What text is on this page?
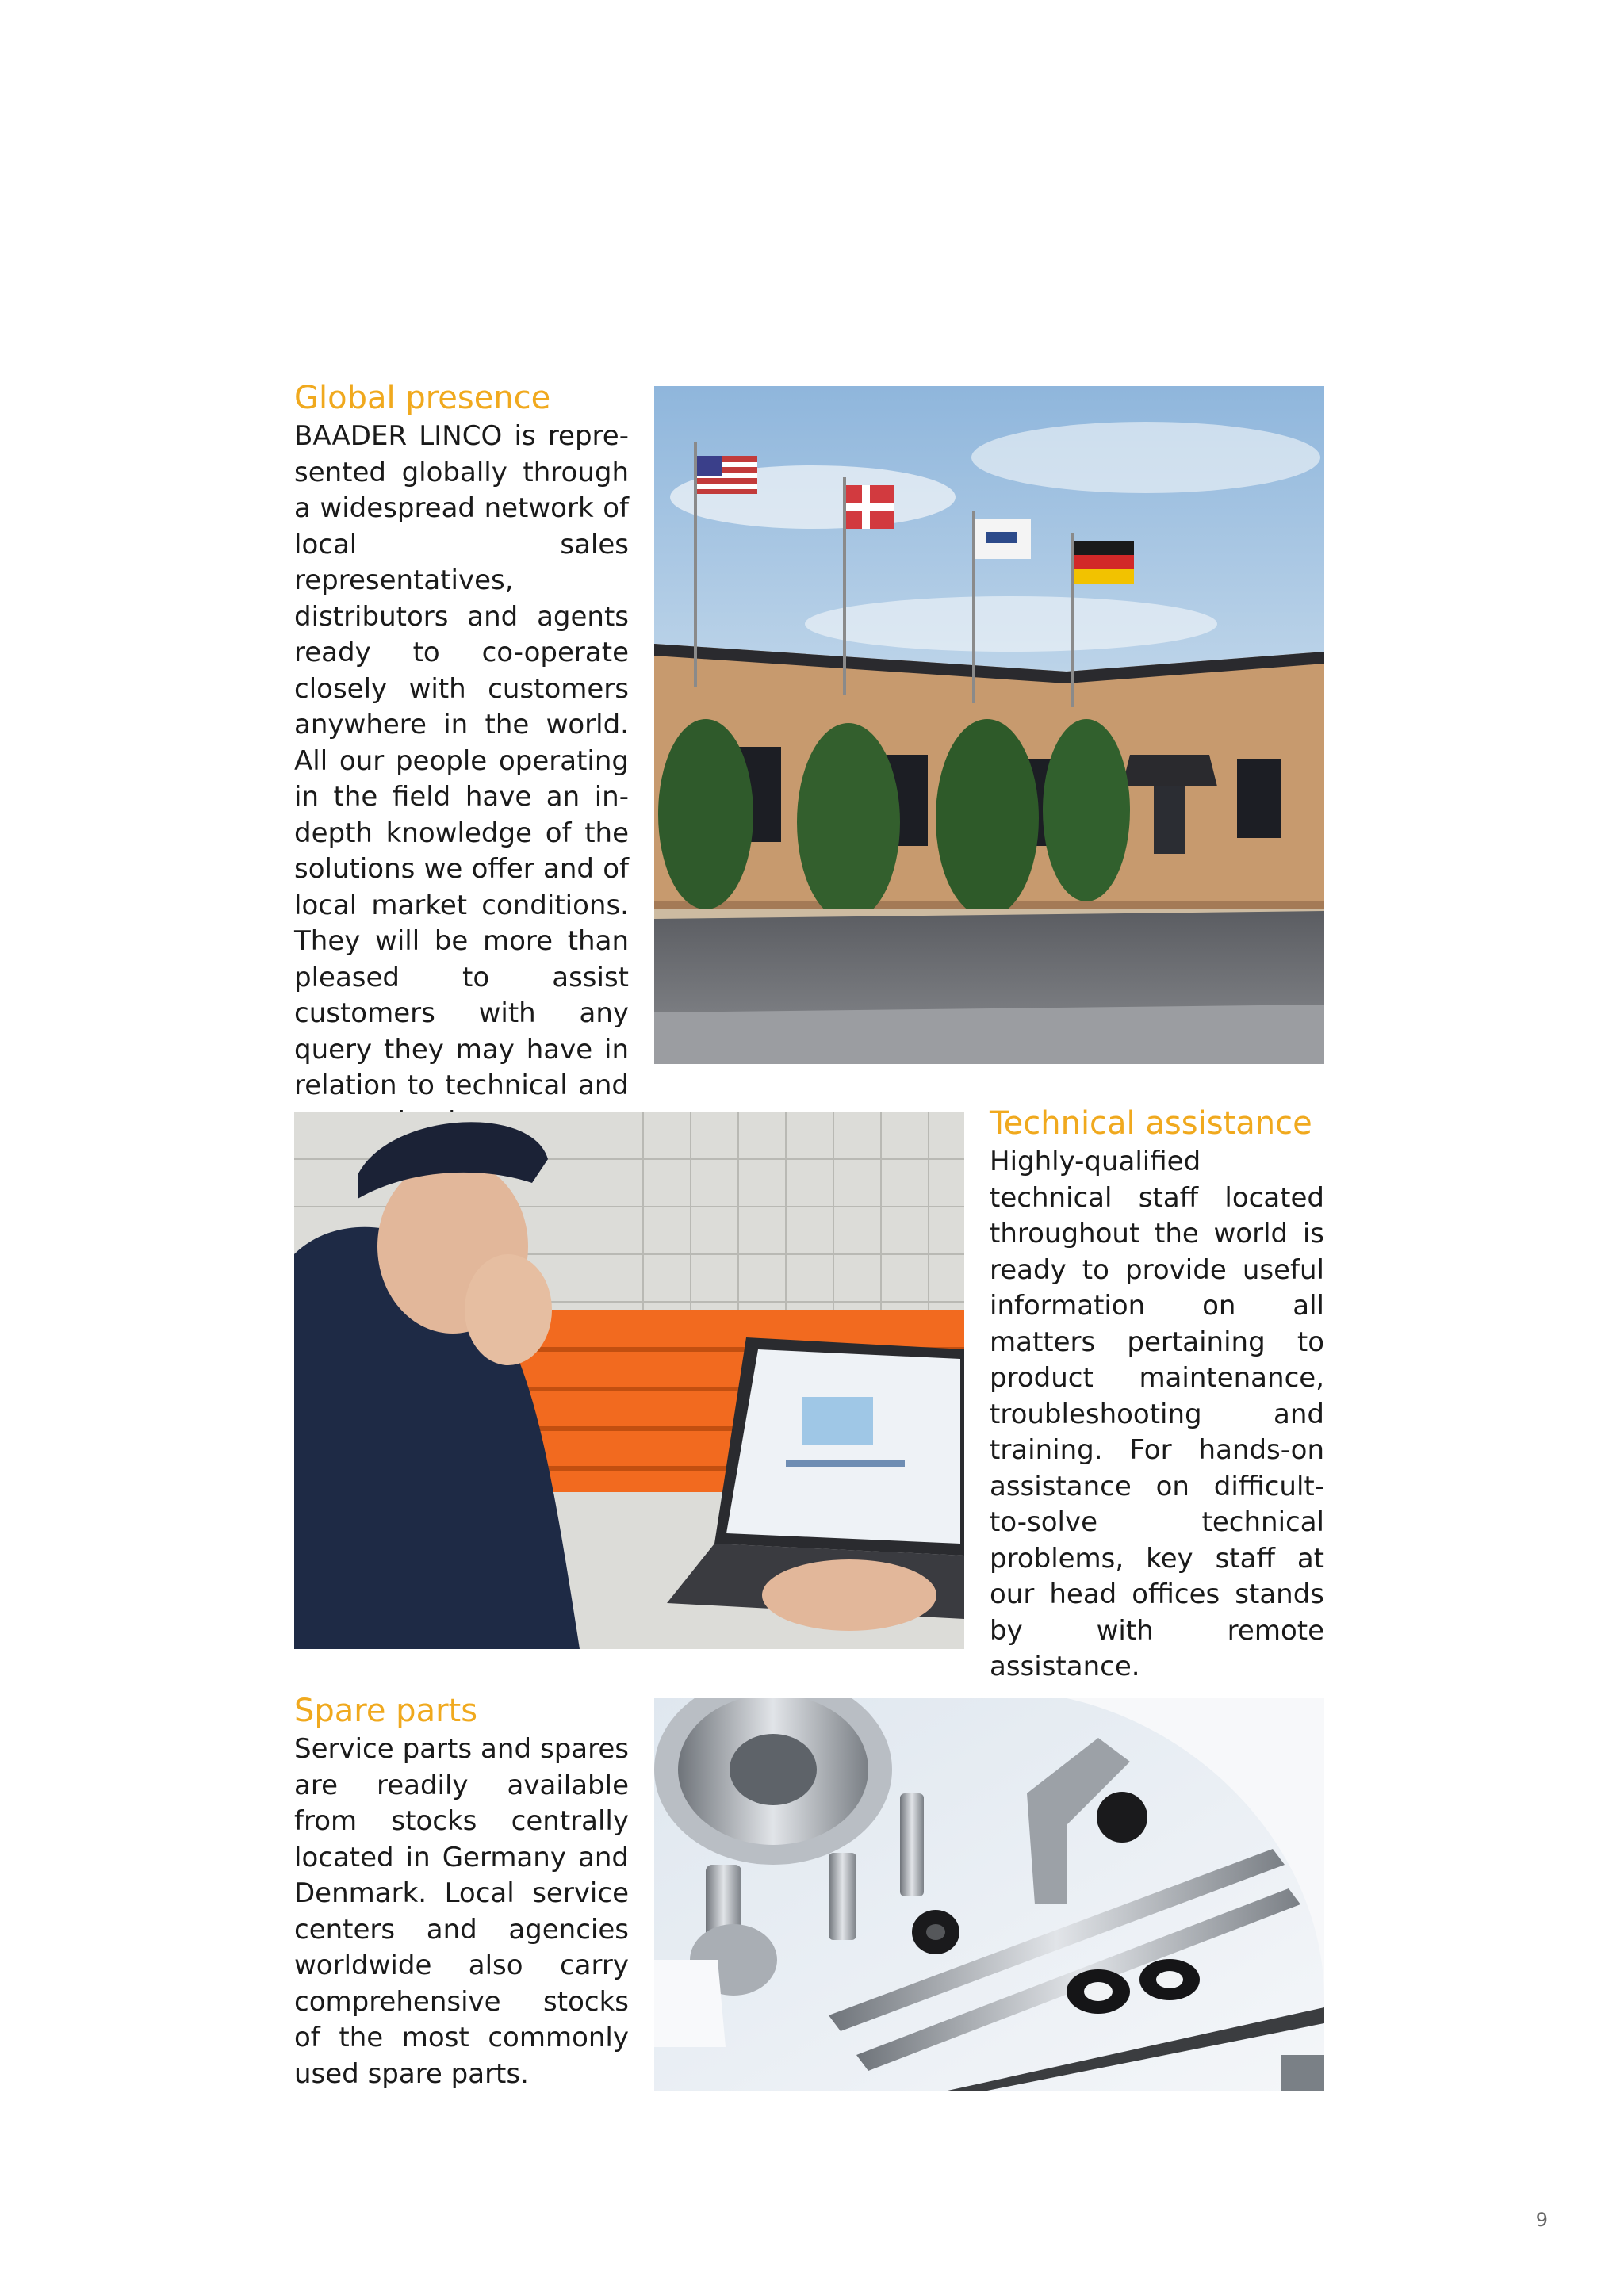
Global presence

BAADER LINCO is represented globally through a widespread network of local sales representatives, distributors and agents ready to co-operate closely with customers anywhere in the world. All our people operating in the field have an in-depth knowledge of the solutions we offer and of local market conditions. They will be more than pleased to assist customers with any query they may have in relation to technical and

Technical assistance

Highly-qualified technical staff located throughout the world is ready to provide useful information on all matters pertaining to product maintenance, troubleshooting and training. For hands-on assistance on difficult-to-solve technical problems, key staff at our head offices stands by with remote assistance.

Spare parts

Service parts and spares are readily available from stocks centrally located in Germany and Denmark. Local service centers and agencies worldwide also carry comprehensive stocks of the most commonly used spare parts.

9
